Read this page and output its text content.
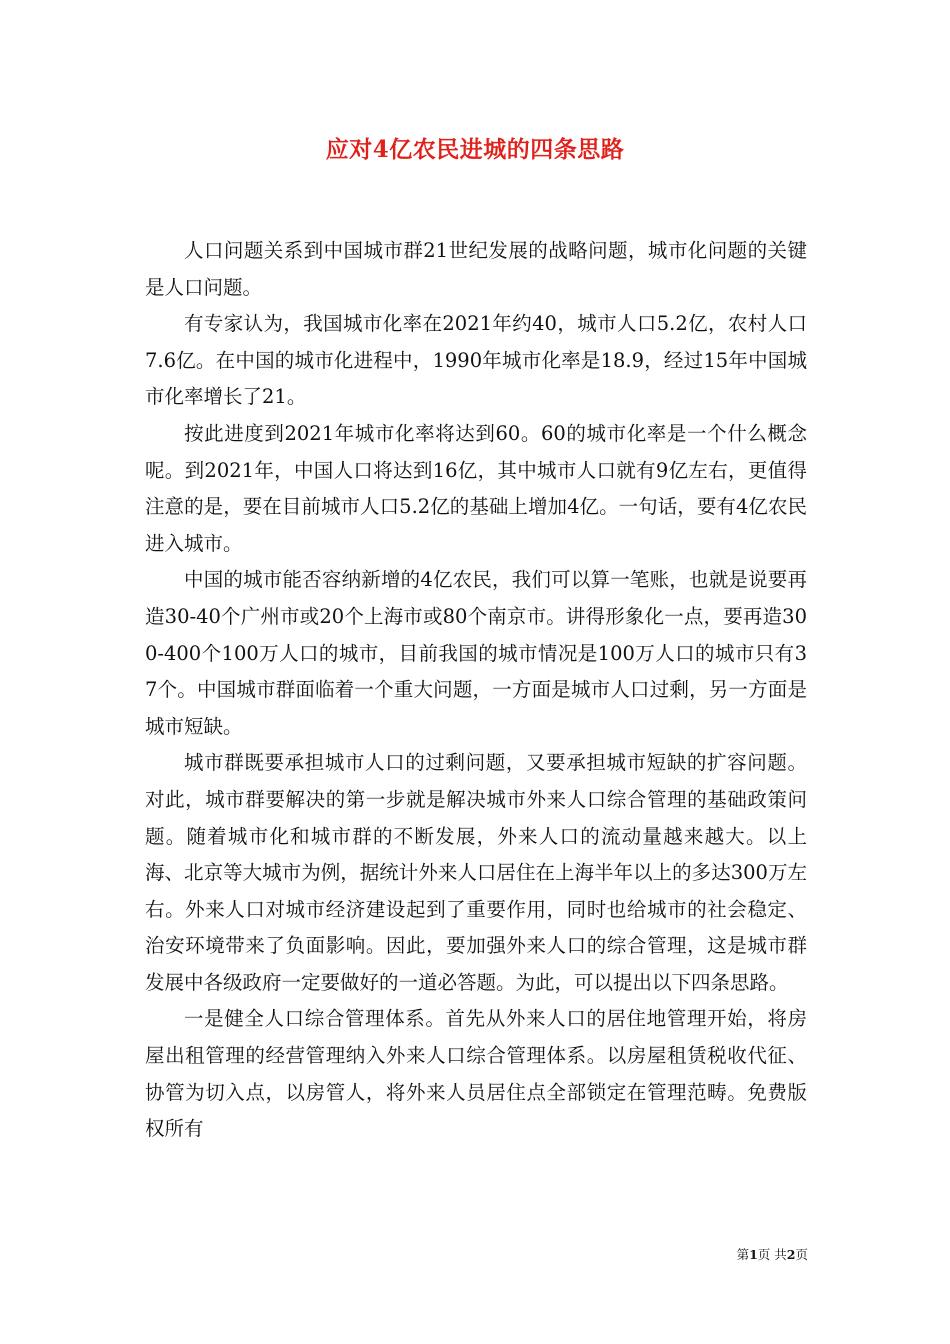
应对4亿农民进城的四条思路

人口问题关系到中国城市群21世纪发展的战略问题，城市化问题的关键是人口问题。

有专家认为，我国城市化率在2021年约40，城市人口5.2亿，农村人口7.6亿。在中国的城市化进程中，1990年城市化率是18.9，经过15年中国城市化率增长了21。

按此进度到2021年城市化率将达到60。60的城市化率是一个什么概念呢。到2021年，中国人口将达到16亿，其中城市人口就有9亿左右，更值得注意的是，要在目前城市人口5.2亿的基础上增加4亿。一句话，要有4亿农民进入城市。

中国的城市能否容纳新增的4亿农民，我们可以算一笔账，也就是说要再造30-40个广州市或20个上海市或80个南京市。讲得形象化一点，要再造300-400个100万人口的城市，目前我国的城市情况是100万人口的城市只有37个。中国城市群面临着一个重大问题，一方面是城市人口过剩，另一方面是城市短缺。

城市群既要承担城市人口的过剩问题，又要承担城市短缺的扩容问题。对此，城市群要解决的第一步就是解决城市外来人口综合管理的基础政策问题。随着城市化和城市群的不断发展，外来人口的流动量越来越大。以上海、北京等大城市为例，据统计外来人口居住在上海半年以上的多达300万左右。外来人口对城市经济建设起到了重要作用，同时也给城市的社会稳定、治安环境带来了负面影响。因此，要加强外来人口的综合管理，这是城市群发展中各级政府一定要做好的一道必答题。为此，可以提出以下四条思路。

一是健全人口综合管理体系。首先从外来人口的居住地管理开始，将房屋出租管理的经营管理纳入外来人口综合管理体系。以房屋租赁税收代征、协管为切入点，以房管人，将外来人员居住点全部锁定在管理范畴。免费版权所有

第1页 共2页
